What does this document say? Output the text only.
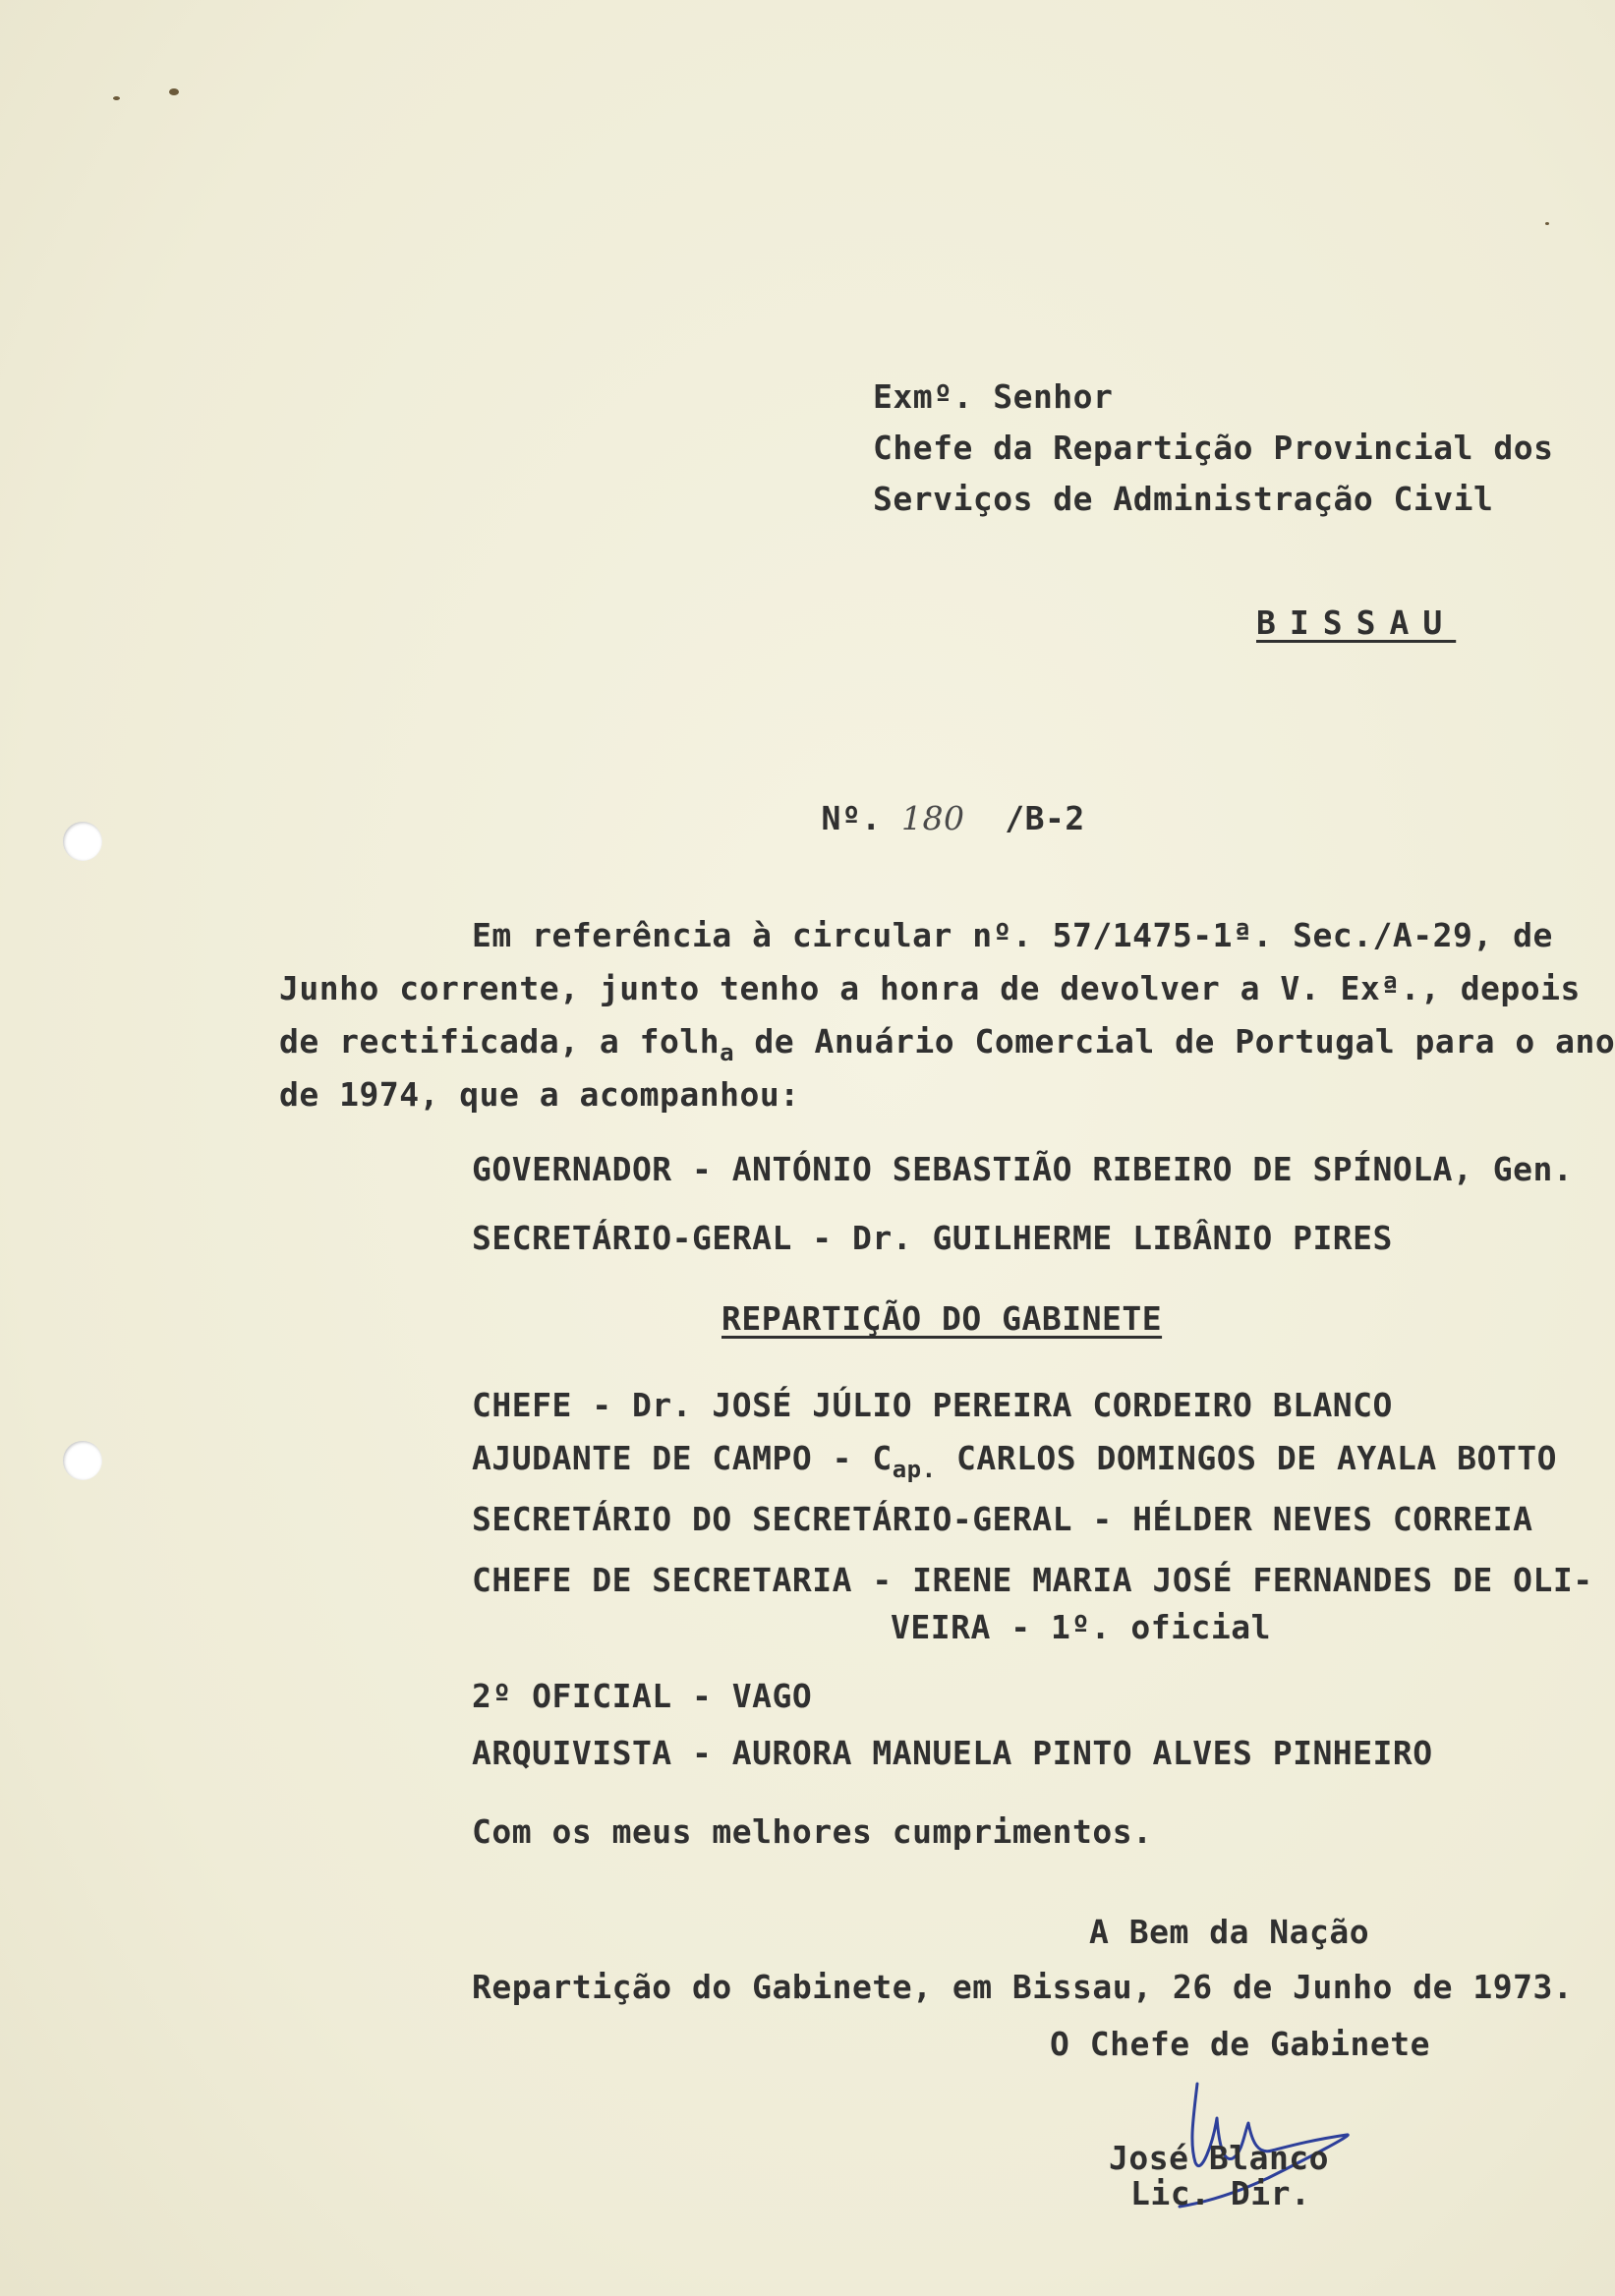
Exmº. Senhor
Chefe da Repartição Provincial dos
Serviços de Administração Civil
BISSAU

Nº. 180 /B-2

Em referência à circular nº. 57/1475-1ª. Sec./A-29, de
Junho corrente, junto tenho a honra de devolver a V. Exª., depois
de rectificada, a folh$_a$ de Anuário Comercial de Portugal para o ano
de 1974, que a acompanhou:
GOVERNADOR - ANTÓNIO SEBASTIÃO RIBEIRO DE SPÍNOLA, Gen.
SECRETÁRIO-GERAL - Dr. GUILHERME LIBÂNIO PIRES
REPARTIÇÃO DO GABINETE
CHEFE - Dr. JOSÉ JÚLIO PEREIRA CORDEIRO BLANCO
AJUDANTE DE CAMPO - $C_{ap.}$ CARLOS DOMINGOS DE AYALA BOTTO
SECRETÁRIO DO SECRETÁRIO-GERAL - HÉLDER NEVES CORREIA
CHEFE DE SECRETARIA - IRENE MARIA JOSÉ FERNANDES DE OLI-
VEIRA - 1º. oficial
2º OFICIAL - VAGO
ARQUIVISTA - AURORA MANUELA PINTO ALVES PINHEIRO
Com os meus melhores cumprimentos.
A Bem da Nação
Repartição do Gabinete, em Bissau, 26 de Junho de 1973.
O Chefe de Gabinete
José Blanco
Lic. Dir.
